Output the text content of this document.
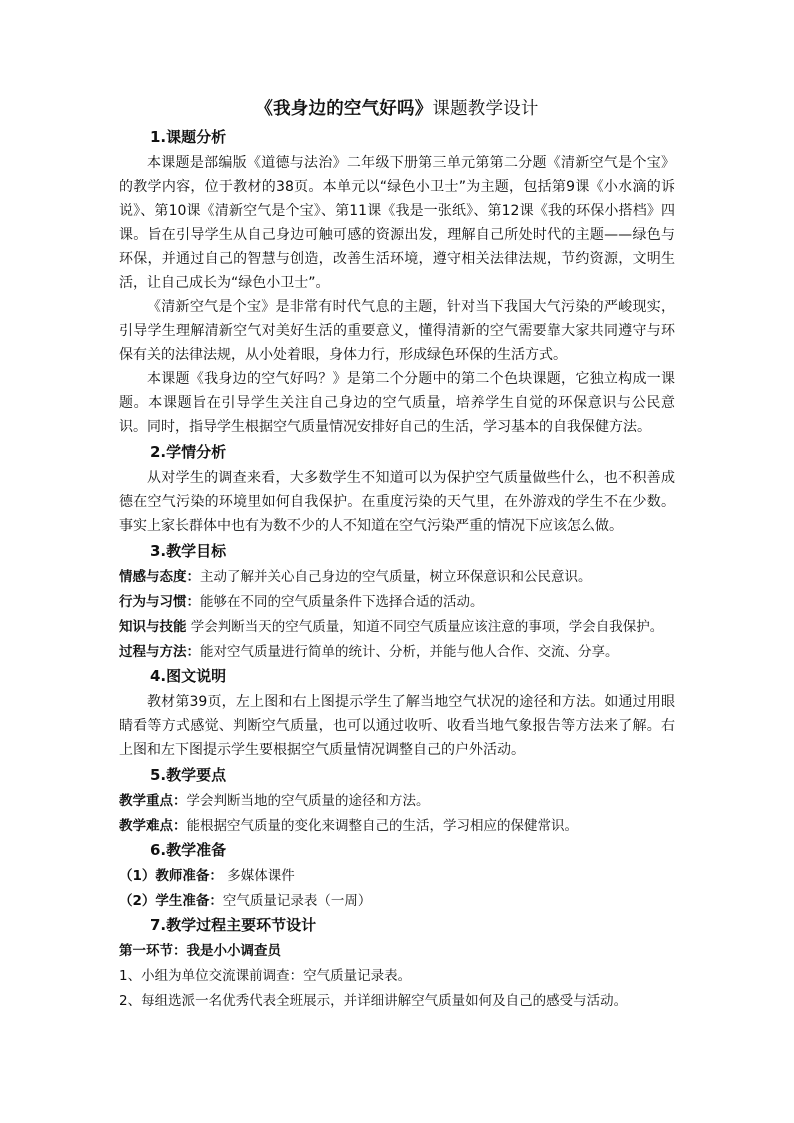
《我身边的空气好吗》课题教学设计
1.课题分析

本课题是部编版《道德与法治》二年级下册第三单元第第二分题《清新空气是个宝》的教学内容，位于教材的38页。本单元以“绿色小卫士”为主题，包括第9课《小水滴的诉说》、第10课《清新空气是个宝》、第11课《我是一张纸》、第12课《我的环保小搭档》四课。旨在引导学生从自己身边可触可感的资源出发，理解自己所处时代的主题——绿色与环保，并通过自己的智慧与创造，改善生活环境，遵守相关法律法规，节约资源，文明生活，让自己成长为“绿色小卫士”。

《清新空气是个宝》是非常有时代气息的主题，针对当下我国大气污染的严峻现实，引导学生理解清新空气对美好生活的重要意义，懂得清新的空气需要靠大家共同遵守与环保有关的法律法规，从小处着眼，身体力行，形成绿色环保的生活方式。

本课题《我身边的空气好吗？》是第二个分题中的第二个色块课题，它独立构成一课题。本课题旨在引导学生关注自己身边的空气质量，培养学生自觉的环保意识与公民意识。同时，指导学生根据空气质量情况安排好自己的生活，学习基本的自我保健方法。

2.学情分析

从对学生的调查来看，大多数学生不知道可以为保护空气质量做些什么，也不积善成德在空气污染的环境里如何自我保护。在重度污染的天气里，在外游戏的学生不在少数。事实上家长群体中也有为数不少的人不知道在空气污染严重的情况下应该怎么做。

3.教学目标

情感与态度：主动了解并关心自己身边的空气质量，树立环保意识和公民意识。

行为与习惯：能够在不同的空气质量条件下选择合适的活动。

知识与技能 学会判断当天的空气质量，知道不同空气质量应该注意的事项，学会自我保护。

过程与方法：能对空气质量进行简单的统计、分析，并能与他人合作、交流、分享。

4.图文说明

教材第39页，左上图和右上图提示学生了解当地空气状况的途径和方法。如通过用眼睛看等方式感觉、判断空气质量，也可以通过收听、收看当地气象报告等方法来了解。右上图和左下图提示学生要根据空气质量情况调整自己的户外活动。

5.教学要点

教学重点：学会判断当地的空气质量的途径和方法。

教学难点：能根据空气质量的变化来调整自己的生活，学习相应的保健常识。

6.教学准备

（1）教师准备： 多媒体课件

（2）学生准备：空气质量记录表（一周）

7.教学过程主要环节设计

第一环节：我是小小调查员

1、小组为单位交流课前调查：空气质量记录表。

2、每组选派一名优秀代表全班展示，并详细讲解空气质量如何及自己的感受与活动。
